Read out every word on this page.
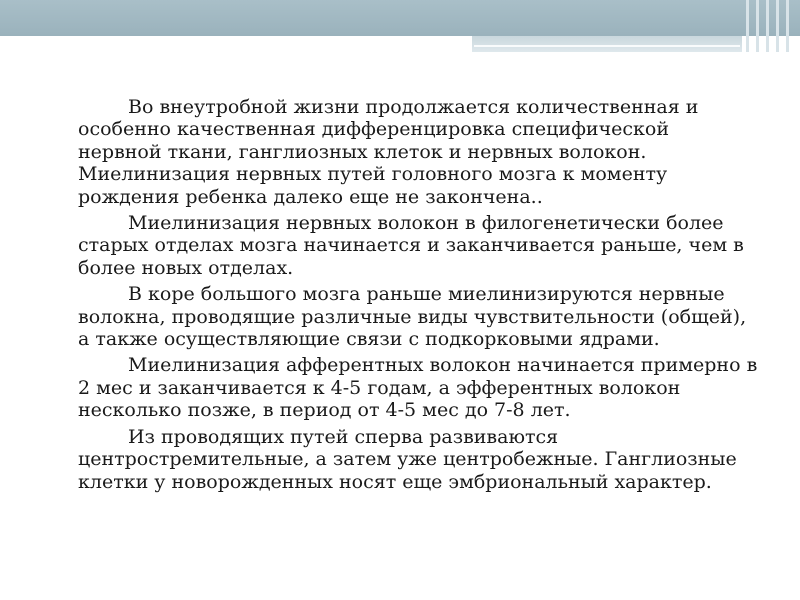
Во внеутробной жизни продолжается количественная и особенно качественная дифференцировка специфической нервной ткани, ганглиозных клеток и нервных волокон. Миелинизация нервных путей головного мозга к моменту рождения ребенка далеко еще не закончена..

Миелинизация нервных волокон в филогенетически более старых отделах мозга начинается и заканчивается раньше, чем в более новых отделах.

В коре большого мозга раньше миелинизируются нервные волокна, проводящие различные виды чувствительности (общей), а также осуществляющие связи с подкорковыми ядрами.

Миелинизация афферентных волокон начинается примерно в 2 мес и заканчивается к 4-5 годам, а эфферентных волокон несколько позже, в период от 4-5 мес до 7-8 лет.

Из проводящих путей сперва развиваются центростремительные, а затем уже центробежные. Ганглиозные клетки у новорожденных носят еще эмбриональный характер.
